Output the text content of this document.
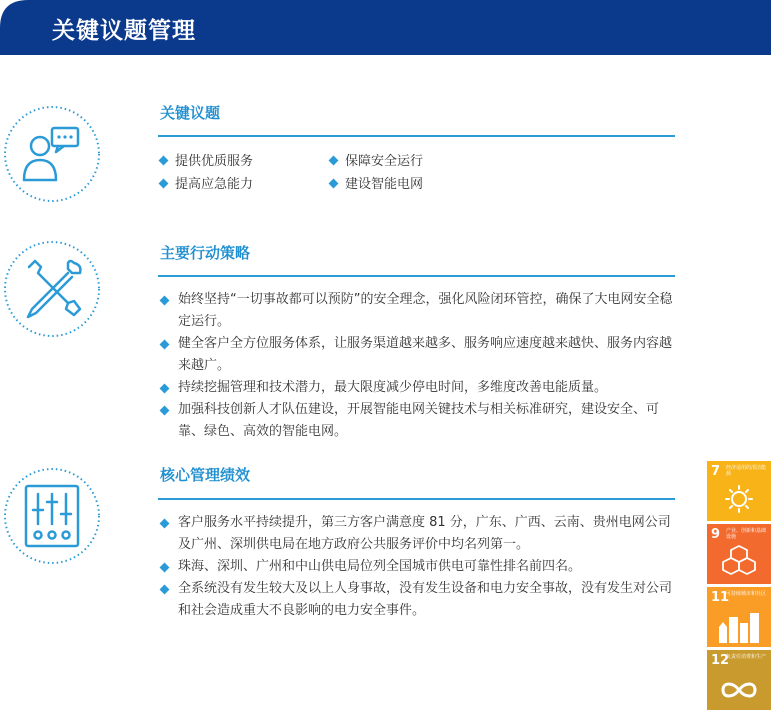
关键议题管理
关键议题
提供优质服务	保障安全运行
提高应急能力	建设智能电网
主要行动策略
始终坚持“一切事故都可以预防”的安全理念，强化风险闭环管控，确保了大电网安全稳定运行。
健全客户全方位服务体系，让服务渠道越来越多、服务响应速度越来越快、服务内容越来越广。
持续挖掘管理和技术潜力，最大限度减少停电时间，多维度改善电能质量。
加强科技创新人才队伍建设，开展智能电网关键技术与相关标准研究，建设安全、可靠、绿色、高效的智能电网。
核心管理绩效
客户服务水平持续提升，第三方客户满意度 81 分，广东、广西、云南、贵州电网公司及广州、深圳供电局在地方政府公共服务评价中均名列第一。
珠海、深圳、广州和中山供电局位列全国城市供电可靠性排名前四名。
全系统没有发生较大及以上人身事故，没有发生设备和电力安全事故，没有发生对公司和社会造成重大不良影响的电力安全事件。
7 经济适用的清洁能源
9 产业、创新和基础设施
11
可持续城市和社区
12
负责任消费和生产
